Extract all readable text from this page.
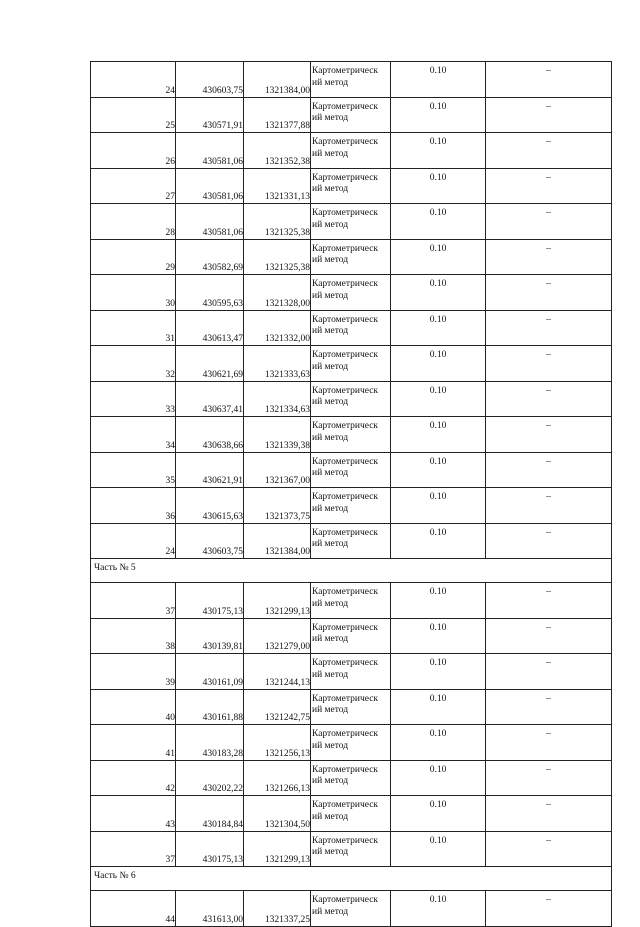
24	430603,75	1321384,00	Картометрическ ий метод	0.10	–
25	430571,91	1321377,88	Картометрическ ий метод	0.10	–
26	430581,06	1321352,38	Картометрическ ий метод	0.10	–
27	430581,06	1321331,13	Картометрическ ий метод	0.10	–
28	430581,06	1321325,38	Картометрическ ий метод	0.10	–
29	430582,69	1321325,38	Картометрическ ий метод	0.10	–
30	430595,63	1321328,00	Картометрическ ий метод	0.10	–
31	430613,47	1321332,00	Картометрическ ий метод	0.10	–
32	430621,69	1321333,63	Картометрическ ий метод	0.10	–
33	430637,41	1321334,63	Картометрическ ий метод	0.10	–
34	430638,66	1321339,38	Картометрическ ий метод	0.10	–
35	430621,91	1321367,00	Картометрическ ий метод	0.10	–
36	430615,63	1321373,75	Картометрическ ий метод	0.10	–
24	430603,75	1321384,00	Картометрическ ий метод	0.10	–
Часть № 5					
37	430175,13	1321299,13	Картометрическ ий метод	0.10	–
38	430139,81	1321279,00	Картометрическ ий метод	0.10	–
39	430161,09	1321244,13	Картометрическ ий метод	0.10	–
40	430161,88	1321242,75	Картометрическ ий метод	0.10	–
41	430183,28	1321256,13	Картометрическ ий метод	0.10	–
42	430202,22	1321266,13	Картометрическ ий метод	0.10	–
43	430184,84	1321304,50	Картометрическ ий метод	0.10	–
37	430175,13	1321299,13	Картометрическ ий метод	0.10	–
Часть № 6					
44	431613,00	1321337,25	Картометрическ ий метод	0.10	–
